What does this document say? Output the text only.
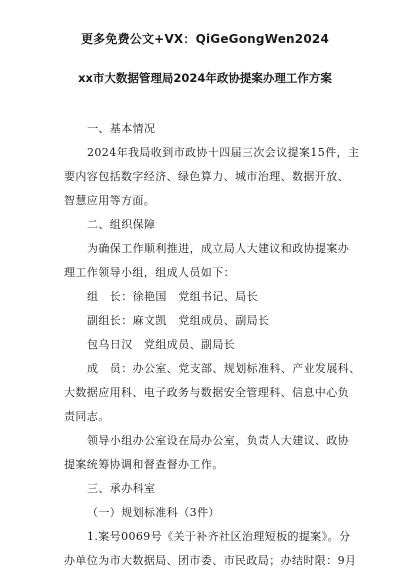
更多免费公文+VX：QiGeGongWen2024
xx市大数据管理局2024年政协提案办理工作方案
一、基本情况
2024年我局收到市政协十四届三次会议提案15件，主
要内容包括数字经济、绿色算力、城市治理、数据开放、
智慧应用等方面。
二、组织保障
为确保工作顺利推进，成立局人大建议和政协提案办
理工作领导小组，组成人员如下：
组　长：徐艳国　党组书记、局长
副组长：麻文凯　党组成员、副局长
包乌日汉　党组成员、副局长
成　员：办公室、党支部、规划标准科、产业发展科、
大数据应用科、电子政务与数据安全管理科、信息中心负
责同志。
领导小组办公室设在局办公室，负责人大建议、政协
提案统筹协调和督查督办工作。
三、承办科室
（一）规划标准科（3件）
1.案号0069号《关于补齐社区治理短板的提案》。分
办单位为市大数据局、团市委、市民政局；办结时限：9月
